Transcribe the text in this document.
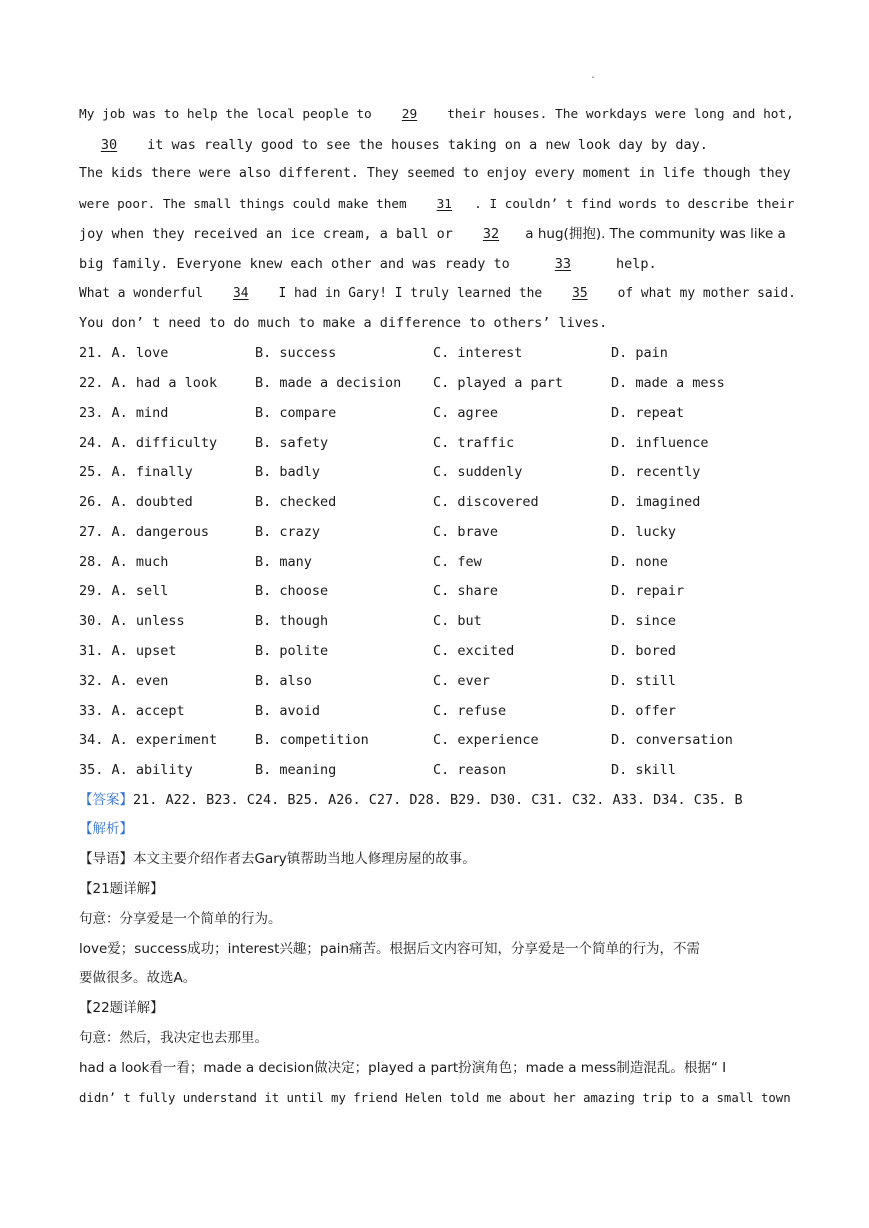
.
My job was to help the local people to 29 their houses. The workdays were long and hot,
30 it was really good to see the houses taking on a new look day by day.
The kids there were also different. They seemed to enjoy every moment in life though they
were poor. The small things could make them 31 . I couldn’ t find words to describe their
joy when they received an ice cream, a ball or 32 a hug(拥抱). The community was like a
big family. Everyone knew each other and was ready to	33	help.
What a wonderful 34 I had in Gary! I truly learned the 35 of what my mother said.
You don’ t need to do much to make a difference to others’ lives.
21. A. love	B. success	C. interest	D. pain
22. A. had a look	B. made a decision C. played a part	D. made a mess
23. A. mind	B. compare	C. agree	D. repeat
24. A. difficulty	B. safety	C. traffic	D. influence
25. A. finally	B. badly	C. suddenly	D. recently
26. A. doubted	B. checked	C. discovered	D. imagined
27. A. dangerous	B. crazy	C. brave	D. lucky
28. A. much	B. many	C. few	D. none
29. A. sell	B. choose	C. share	D. repair
30. A. unless	B. though	C. but	D. since
31. A. upset	B. polite	C. excited	D. bored
32. A. even	B. also	C. ever	D. still
33. A. accept	B. avoid	C. refuse	D. offer
34. A. experiment	B. competition	C. experience	D. conversation
35. A. ability	B. meaning	C. reason	D. skill
【答案】21. A22. B23. C24. B25. A26. C27. D28. B29. D30. C31. C32. A33. D34. C35. B
【解析】
【导语】本文主要介绍作者去Gary镇帮助当地人修理房屋的故事。
【21题详解】
句意：分享爱是一个简单的行为。
love爱；success成功；interest兴趣；pain痛苦。根据后文内容可知，分享爱是一个简单的行为，不需
要做很多。故选A。
【22题详解】
句意：然后，我决定也去那里。
had a look看一看；made a decision做决定；played a part扮演角色；made a mess制造混乱。根据“ I
didn’ t fully understand it until my friend Helen told me about her amazing trip to a small town
